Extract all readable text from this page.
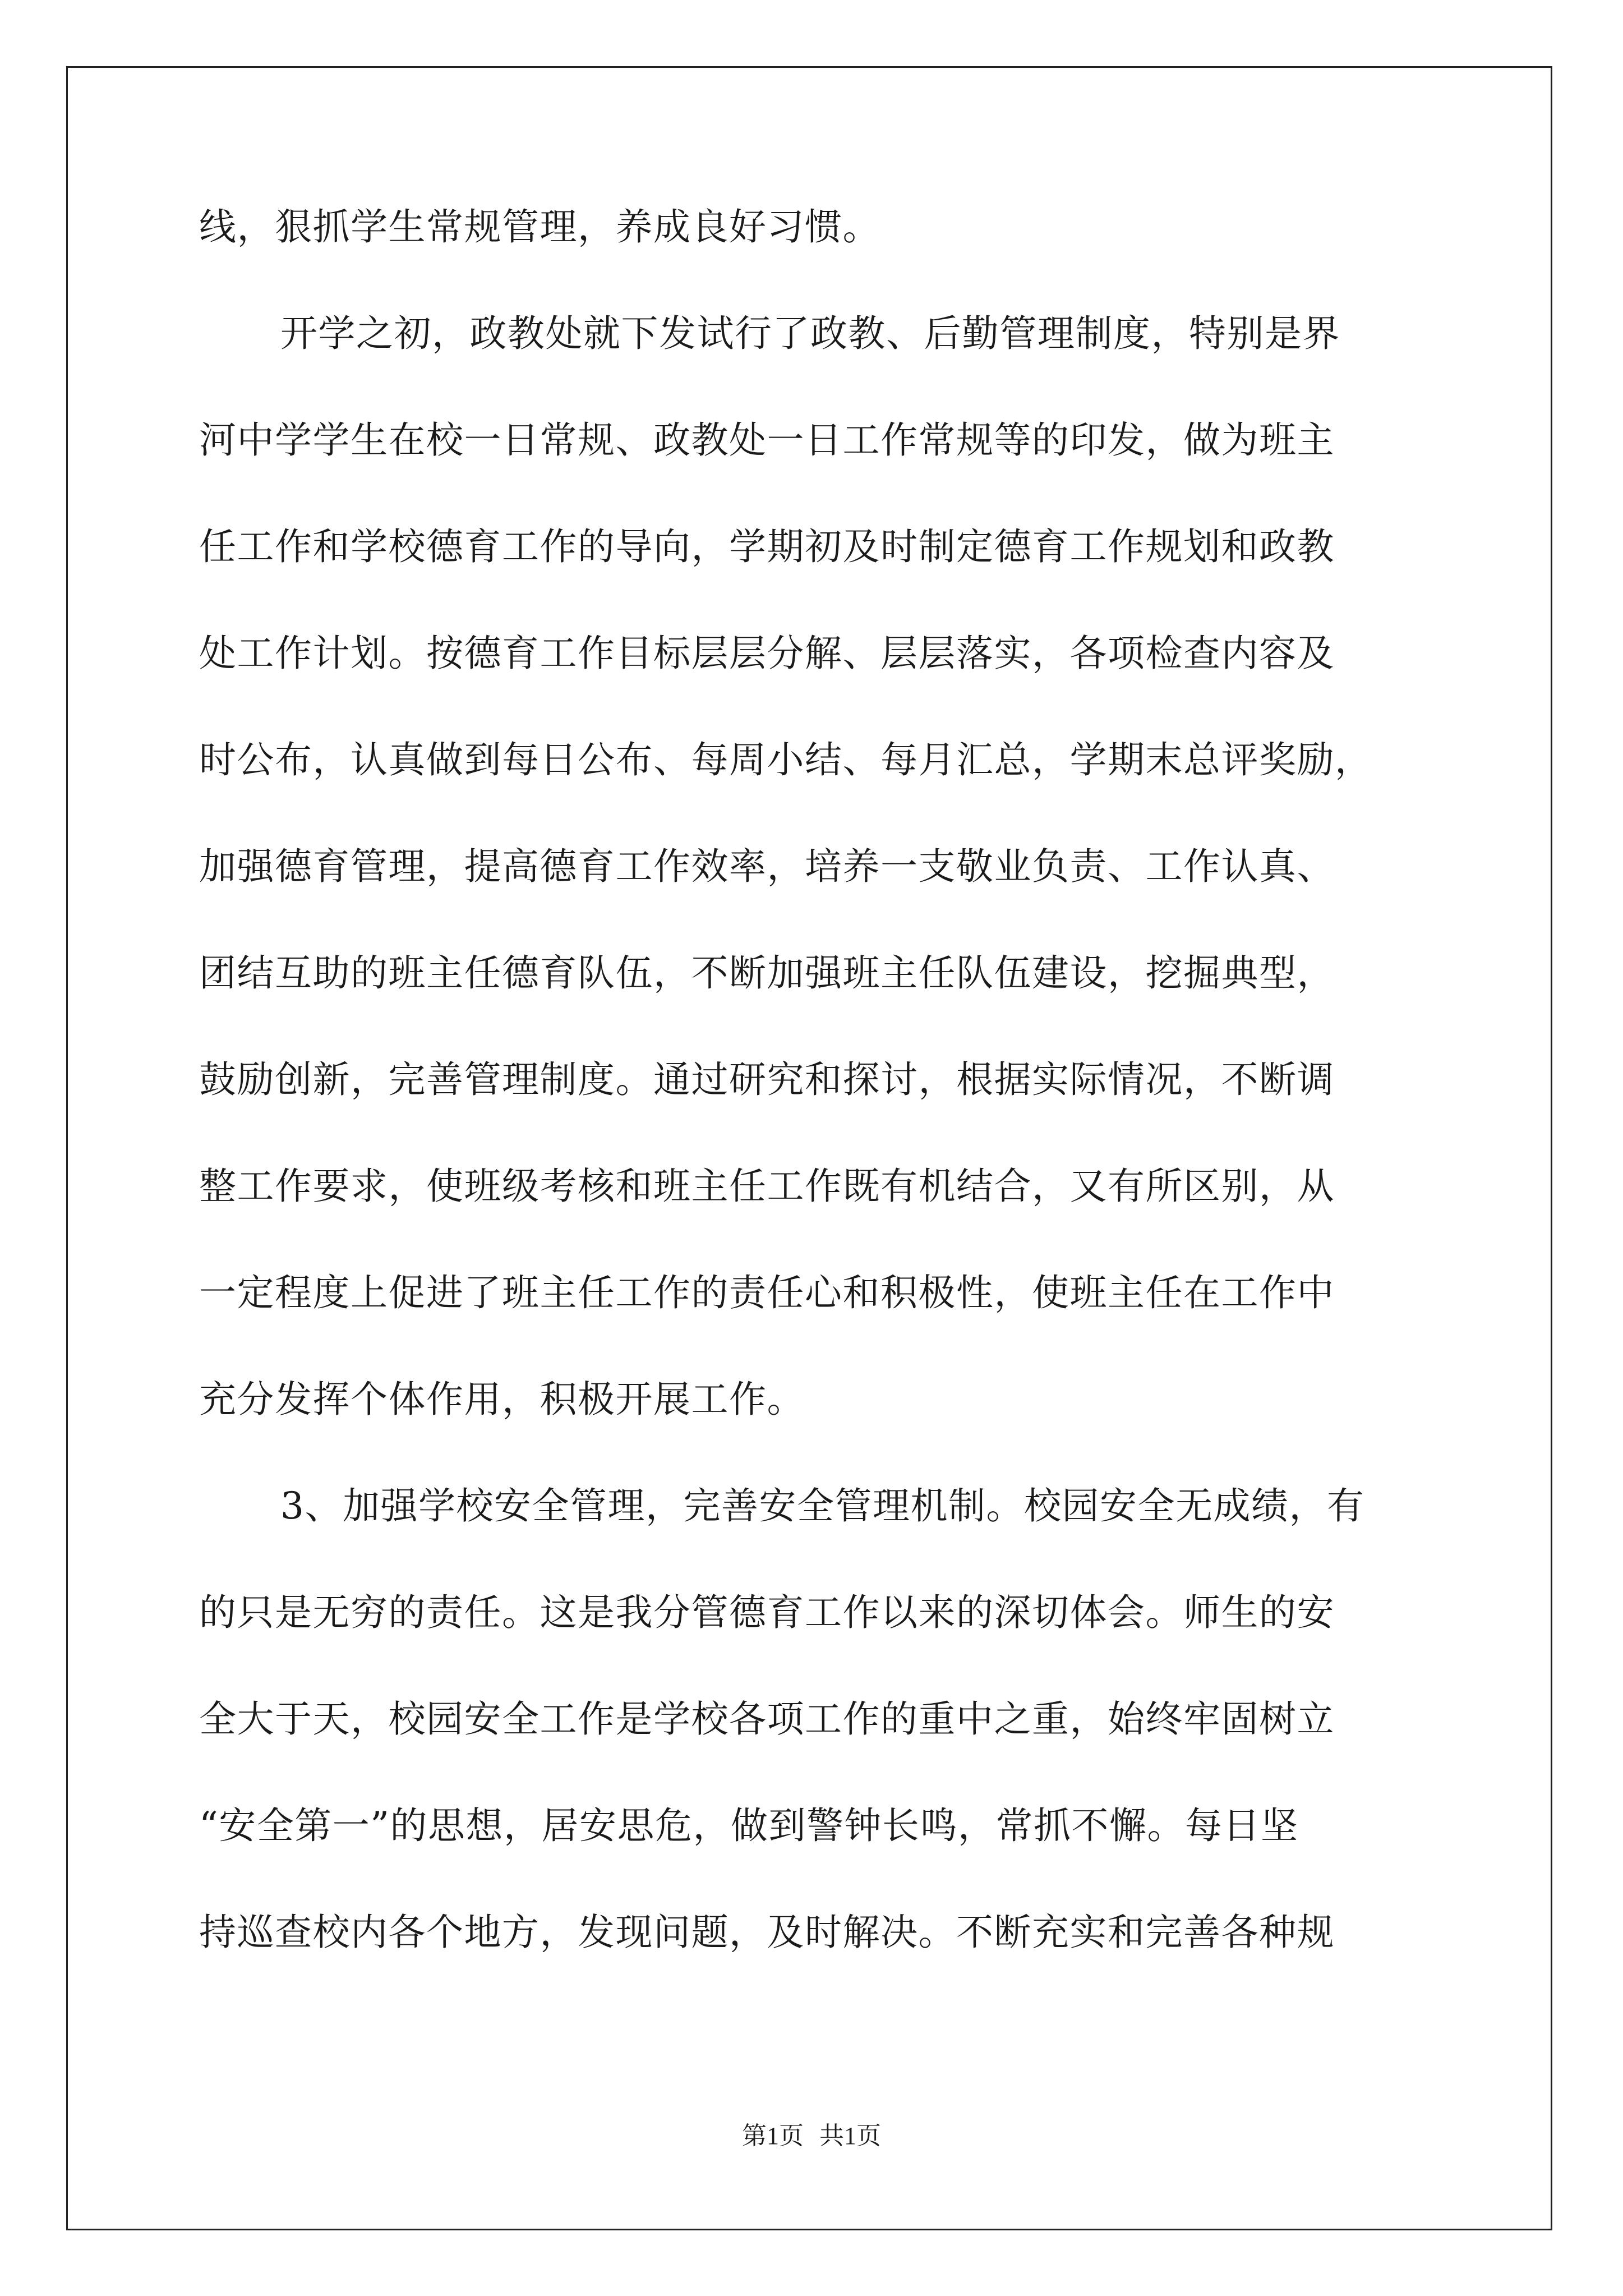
线，狠抓学生常规管理，养成良好习惯。
开学之初，政教处就下发试行了政教、后勤管理制度，特别是界
河中学学生在校一日常规、政教处一日工作常规等的印发，做为班主
任工作和学校德育工作的导向，学期初及时制定德育工作规划和政教
处工作计划。按德育工作目标层层分解、层层落实，各项检查内容及
时公布，认真做到每日公布、每周小结、每月汇总，学期末总评奖励，
加强德育管理，提高德育工作效率，培养一支敬业负责、工作认真、
团结互助的班主任德育队伍，不断加强班主任队伍建设，挖掘典型，
鼓励创新，完善管理制度。通过研究和探讨，根据实际情况，不断调
整工作要求，使班级考核和班主任工作既有机结合，又有所区别，从
一定程度上促进了班主任工作的责任心和积极性，使班主任在工作中
充分发挥个体作用，积极开展工作。
3、加强学校安全管理，完善安全管理机制。校园安全无成绩，有
的只是无穷的责任。这是我分管德育工作以来的深切体会。师生的安
全大于天，校园安全工作是学校各项工作的重中之重，始终牢固树立
“安全第一”的思想，居安思危，做到警钟长鸣，常抓不懈。每日坚
持巡查校内各个地方，发现问题，及时解决。不断充实和完善各种规
第1页 共1页
